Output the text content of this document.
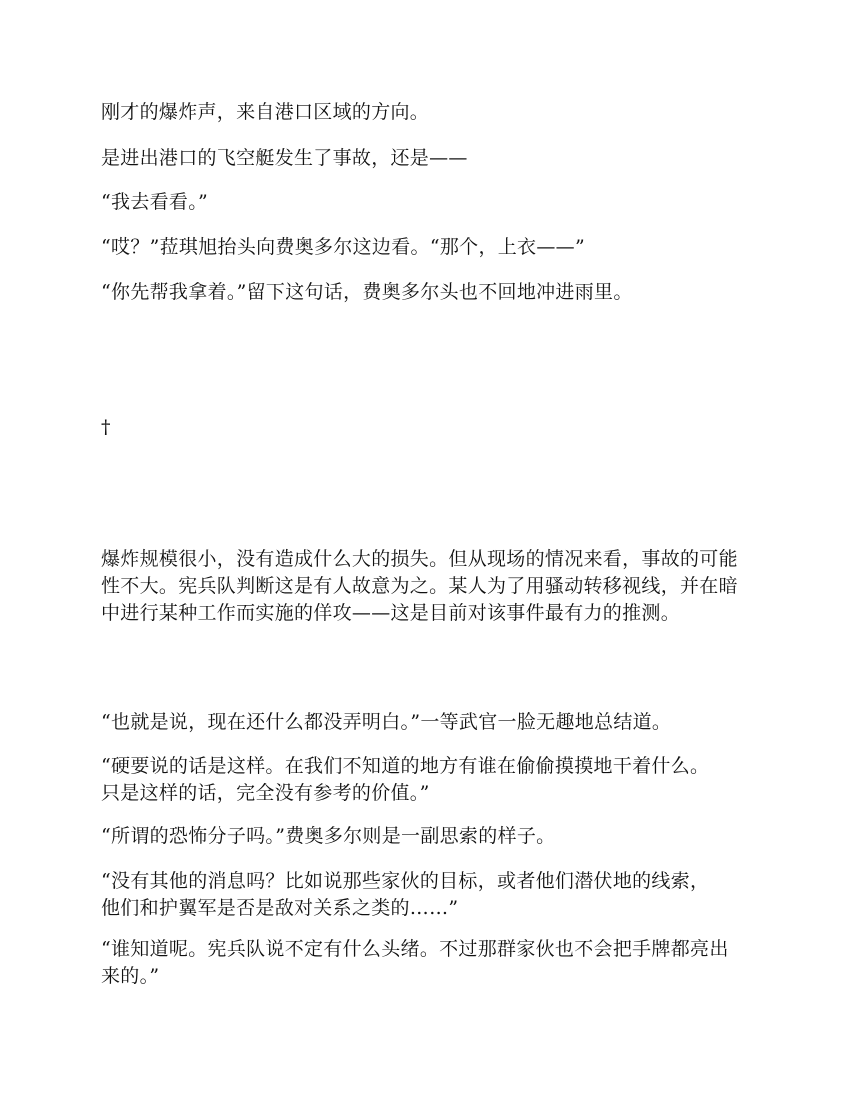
刚才的爆炸声，来自港口区域的方向。

是进出港口的飞空艇发生了事故，还是——

“我去看看。”

“哎？”菈琪旭抬头向费奥多尔这边看。“那个，上衣——”

“你先帮我拿着。”留下这句话，费奥多尔头也不回地冲进雨里。

†

爆炸规模很小，没有造成什么大的损失。但从现场的情况来看，事故的可能性不大。宪兵队判断这是有人故意为之。某人为了用骚动转移视线，并在暗中进行某种工作而实施的佯攻——这是目前对该事件最有力的推测。

“也就是说，现在还什么都没弄明白。”一等武官一脸无趣地总结道。

“硬要说的话是这样。在我们不知道的地方有谁在偷偷摸摸地干着什么。只是这样的话，完全没有参考的价值。”

“所谓的恐怖分子吗。”费奥多尔则是一副思索的样子。

“没有其他的消息吗？比如说那些家伙的目标，或者他们潜伏地的线索，他们和护翼军是否是敌对关系之类的……”

“谁知道呢。宪兵队说不定有什么头绪。不过那群家伙也不会把手牌都亮出来的。”
